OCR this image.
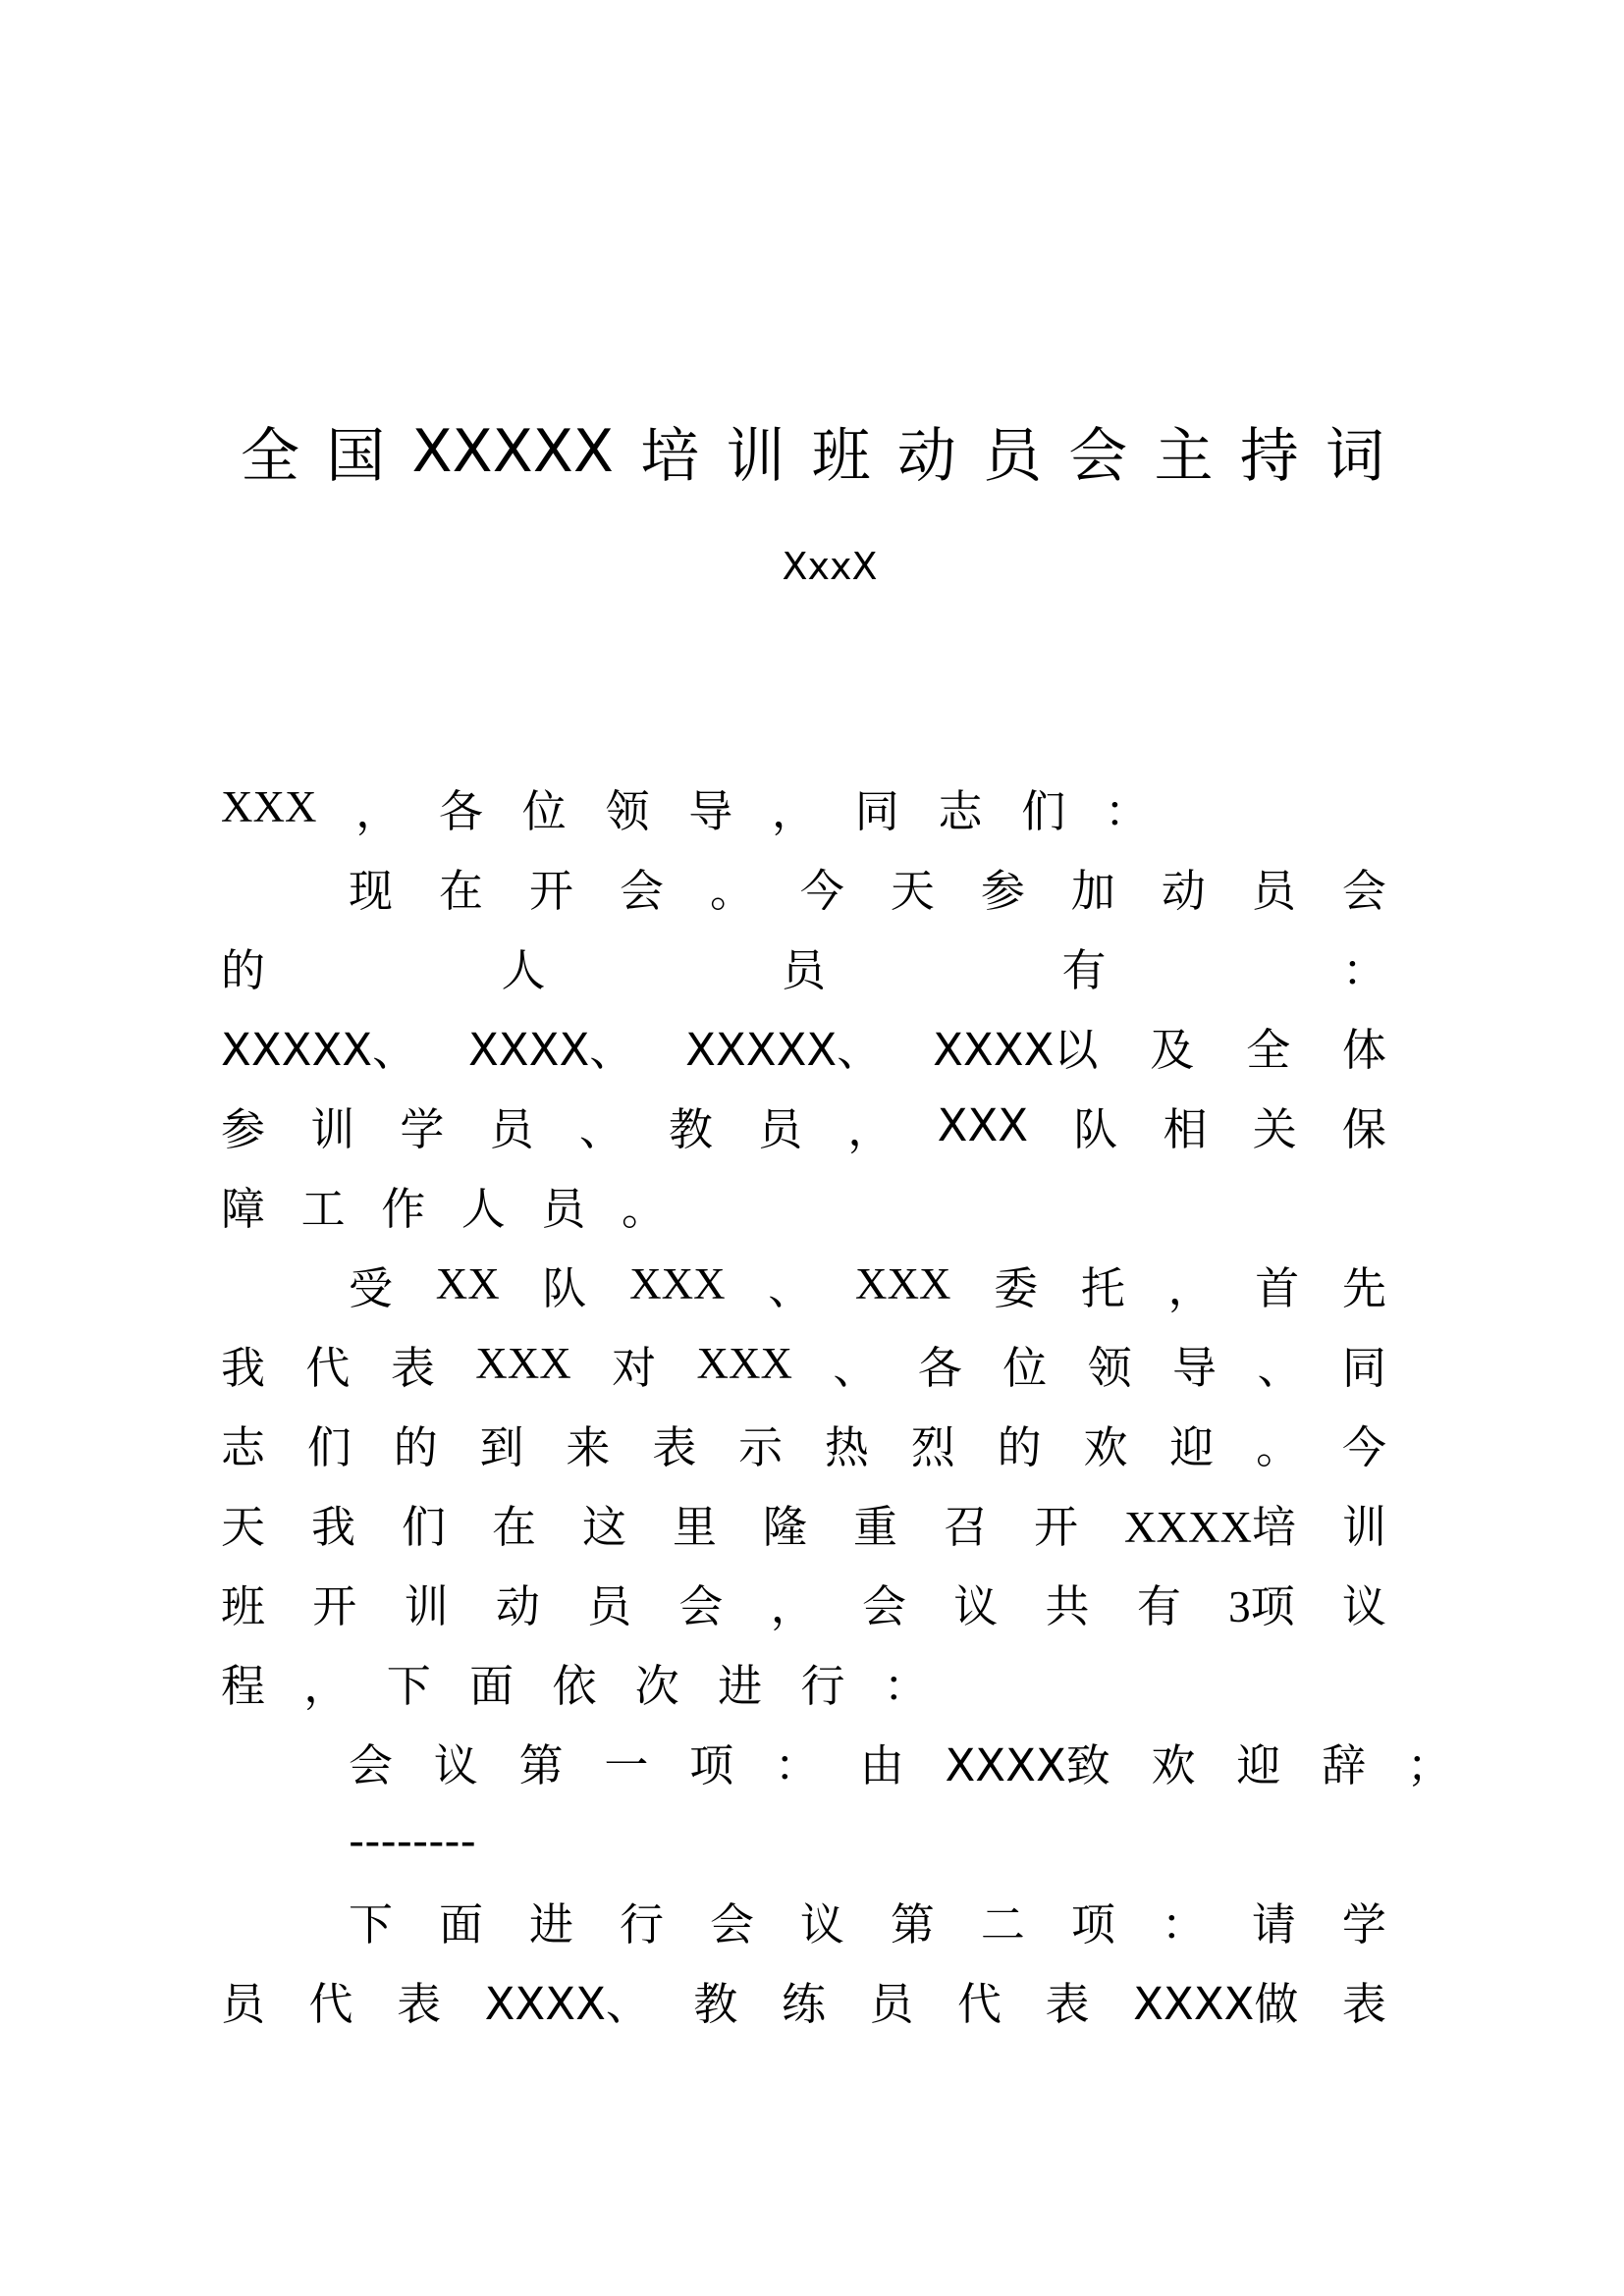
全 国 XXXXX 培 训 班 动 员 会 主 持 词
XxxX
XXX ， 各 位 领 导 ， 同 志 们 ：
现 在 开 会 。 今 天 参 加 动 员 会
的	人	员	有	：
XXXXX、 XXXX、 XXXXX、 XXXX以 及 全 体
参 训 学 员 、 教 员 ， XXX 队 相 关 保
障 工 作 人 员 。
受 XX 队 XXX 、 XXX 委 托 ， 首 先
我 代 表 XXX 对 XXX 、 各 位 领 导 、 同
志 们 的 到 来 表 示 热 烈 的 欢 迎 。 今
天 我 们 在 这 里 隆 重 召 开 XXXX培 训
班 开 训 动 员 会 ， 会 议 共 有 3项 议
程 ， 下 面 依 次 进 行 ：
会 议 第 一 项 ： 由 XXXX致 欢 迎 辞 ；
--------
下 面 进 行 会 议 第 二 项 ： 请 学
员 代 表 XXXX、 教 练 员 代 表 XXXX做 表
